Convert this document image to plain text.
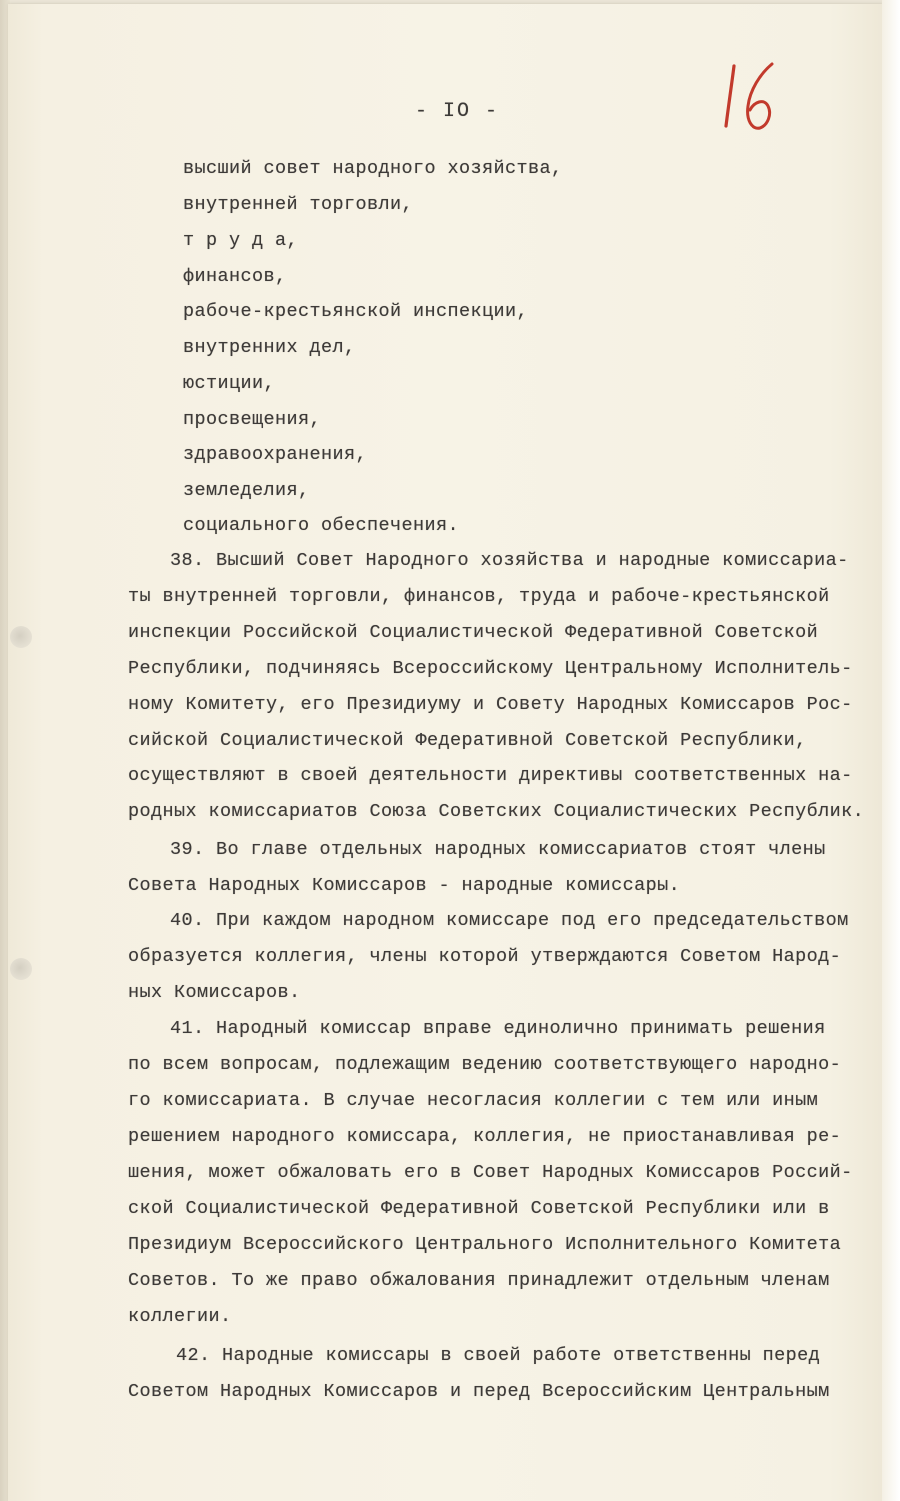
- IO -
высший совет народного хозяйства,
внутренней торговли,
т р у д а,
финансов,
рабоче-крестьянской инспекции,
внутренних дел,
юстиции,
просвещения,
здравоохранения,
земледелия,
социального обеспечения.
38. Высший Совет Народного хозяйства и народные комиссариа-
ты внутренней торговли, финансов, труда и рабоче-крестьянской
инспекции Российской Социалистической Федеративной Советской
Республики, подчиняясь Всероссийскому Центральному Исполнитель-
ному Комитету, его Президиуму и Совету Народных Комиссаров Рос-
сийской Социалистической Федеративной Советской Республики,
осуществляют в своей деятельности директивы соответственных на-
родных комиссариатов Союза Советских Социалистических Республик.
39. Во главе отдельных народных комиссариатов стоят члены
Совета Народных Комиссаров - народные комиссары.
40. При каждом народном комиссаре под его председательством
образуется коллегия, члены которой утверждаются Советом Народ-
ных Комиссаров.
41. Народный комиссар вправе единолично принимать решения
по всем вопросам, подлежащим ведению соответствующего народно-
го комиссариата. В случае несогласия коллегии с тем или иным
решением народного комиссара, коллегия, не приостанавливая ре-
шения, может обжаловать его в Совет Народных Комиссаров Россий-
ской Социалистической Федеративной Советской Республики или в
Президиум Всероссийского Центрального Исполнительного Комитета
Советов. То же право обжалования принадлежит отдельным членам
коллегии.
42. Народные комиссары в своей работе ответственны перед
Советом Народных Комиссаров и перед Всероссийским Центральным
